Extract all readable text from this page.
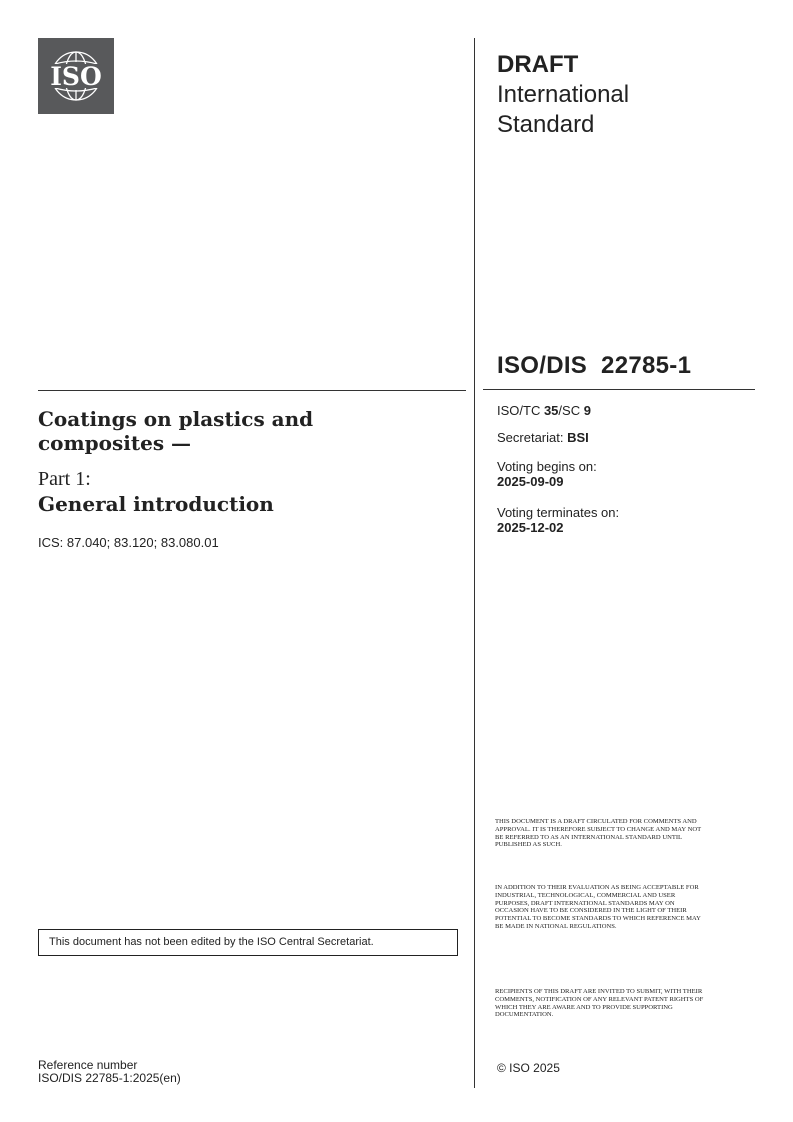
ISO	DRAFT
International
Standard
ISO/DIS  22785-1
Coatings on plastics and
composites —
Part 1:
General introduction
ICS: 87.040; 83.120; 83.080.01
ISO/TC 35/SC 9
Secretariat: BSI
Voting begins on:
2025-09-09
Voting terminates on:
2025-12-02
THIS DOCUMENT IS A DRAFT CIRCULATED FOR COMMENTS AND APPROVAL. IT IS THEREFORE SUBJECT TO CHANGE AND MAY NOT BE REFERRED TO AS AN INTERNATIONAL STANDARD UNTIL PUBLISHED AS SUCH.
IN ADDITION TO THEIR EVALUATION AS BEING ACCEPTABLE FOR INDUSTRIAL, TECHNOLOGICAL, COMMERCIAL AND USER PURPOSES, DRAFT INTERNATIONAL STANDARDS MAY ON OCCASION HAVE TO BE CONSIDERED IN THE LIGHT OF THEIR POTENTIAL TO BECOME STANDARDS TO WHICH REFERENCE MAY BE MADE IN NATIONAL REGULATIONS.
RECIPIENTS OF THIS DRAFT ARE INVITED TO SUBMIT, WITH THEIR COMMENTS, NOTIFICATION OF ANY RELEVANT PATENT RIGHTS OF WHICH THEY ARE AWARE AND TO PROVIDE SUPPORTING DOCUMENTATION.
This document has not been edited by the ISO Central Secretariat.
Reference number
ISO/DIS 22785-1:2025(en)
© ISO 2025
